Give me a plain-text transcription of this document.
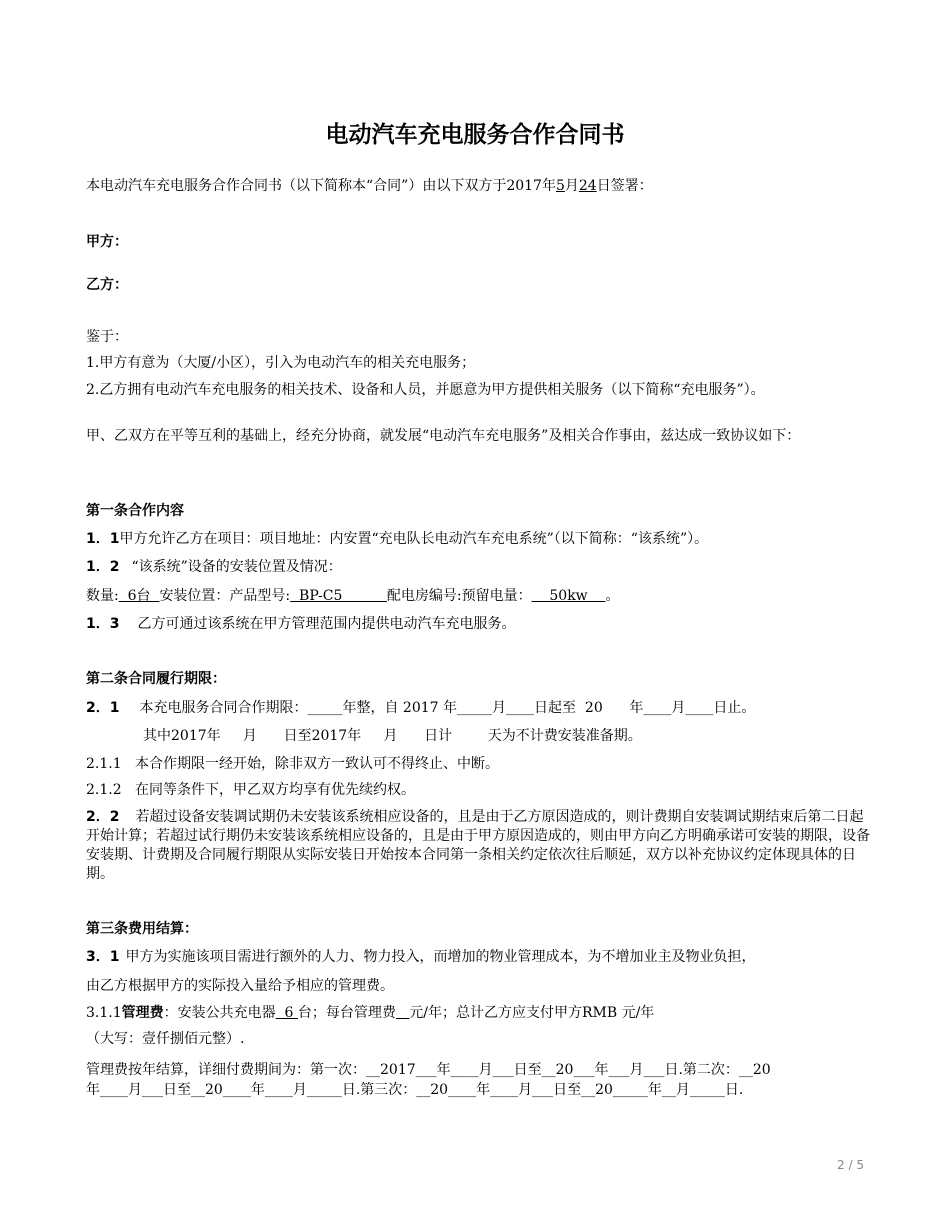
电动汽车充电服务合作合同书
本电动汽车充电服务合作合同书（以下简称本“合同”）由以下双方于2017年5月24日签署：
甲方：
乙方：
鉴于：
1.甲方有意为（大厦/小区），引入为电动汽车的相关充电服务；
2.乙方拥有电动汽车充电服务的相关技术、设备和人员，并愿意为甲方提供相关服务（以下简称“充电服务”）。
甲、乙双方在平等互利的基础上，经充分协商，就发展“电动汽车充电服务”及相关合作事由，兹达成一致协议如下：
第一条合作内容
1．1甲方允许乙方在项目：项目地址：内安置“充电队长电动汽车充电系统”（以下简称：“该系统”）。
1．2 “该系统”设备的安装位置及情况：
数量:  6台  安装位置：产品型号:  BP-C5          配电房编号:预留电量：    50kw    。
1．3 乙方可通过该系统在甲方管理范围内提供电动汽车充电服务。
第二条合同履行期限：
2．1 本充电服务合同合作期限：_____年整，自 2017 年_____月____日起至  20      年____月____日止。
其中2017年     月      日至2017年     月      日计        天为不计费安装准备期。
2.1.1   本合作期限一经开始，除非双方一致认可不得终止、中断。
2.1.2   在同等条件下，甲乙双方均享有优先续约权。
2．2 若超过设备安装调试期仍未安装该系统相应设备的，且是由于乙方原因造成的，则计费期自安装调试期结束后第二日起开始计算；若超过试行期仍未安装该系统相应设备的，且是由于甲方原因造成的，则由甲方向乙方明确承诺可安装的期限，设备安装期、计费期及合同履行期限从实际安装日开始按本合同第一条相关约定依次往后顺延，双方以补充协议约定体现具体的日期。
第三条费用结算：
3．1 甲方为实施该项目需进行额外的人力、物力投入，而增加的物业管理成本，为不增加业主及物业负担，
由乙方根据甲方的实际投入量给予相应的管理费。
3.1.1管理费：安装公共充电器  6 台；每台管理费 元/年；总计乙方应支付甲方RMB 元/年
（大写：壹仟捌佰元整）.
管理费按年结算，详细付费期间为：第一次：__2017___年____月___日至__20___年___月___日.第二次：__20
年____月___日至__20____年____月_____日.第三次：__20____年____月___日至__20_____年__月_____日.
2 / 5
